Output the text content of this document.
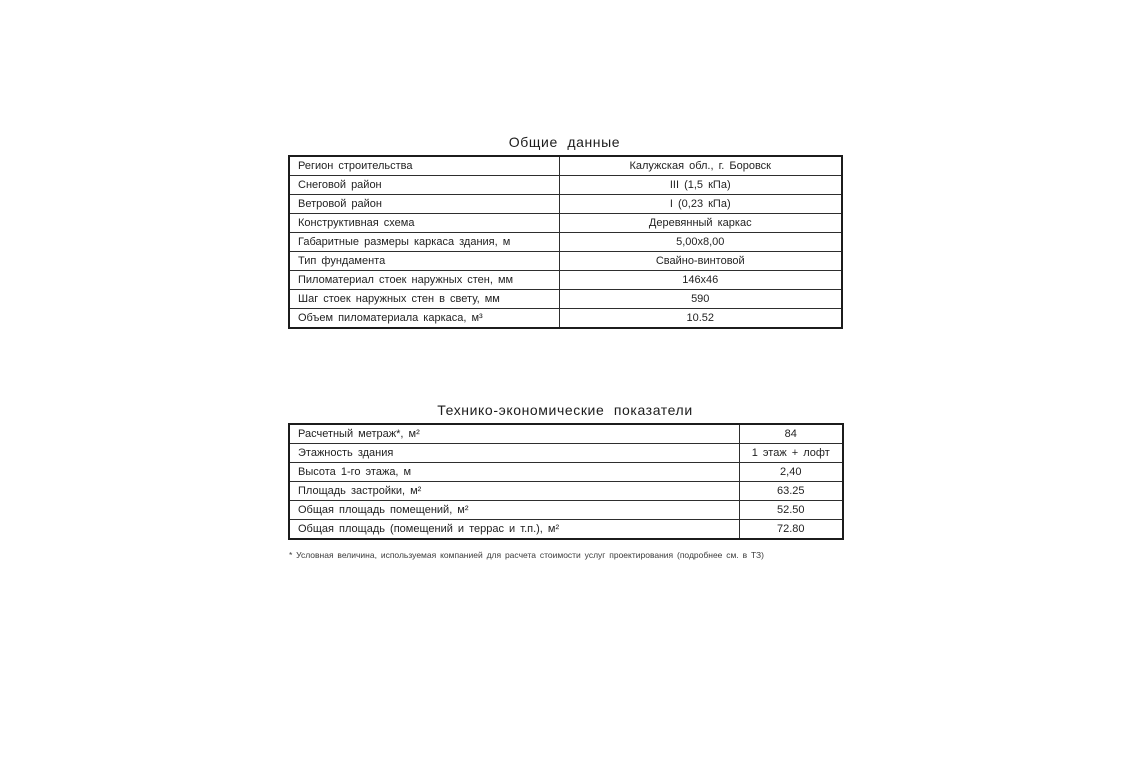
Общие данные
Регион строительства	Калужская обл., г. Боровск
Снеговой район	III (1,5 кПа)
Ветровой район	I (0,23 кПа)
Конструктивная схема	Деревянный каркас
Габаритные размеры каркаса здания, м	5,00x8,00
Тип фундамента	Свайно-винтовой
Пиломатериал стоек наружных стен, мм	146x46
Шаг стоек наружных стен в свету, мм	590
Объем пиломатериала каркаса, м³	10.52
Технико-экономические показатели
Расчетный метраж*, м²	84
Этажность здания	1 этаж + лофт
Высота 1-го этажа, м	2,40
Площадь застройки, м²	63.25
Общая площадь помещений, м²	52.50
Общая площадь (помещений и террас и т.п.), м²	72.80
* Условная величина, используемая компанией для расчета стоимости услуг проектирования (подробнее см. в ТЗ)
